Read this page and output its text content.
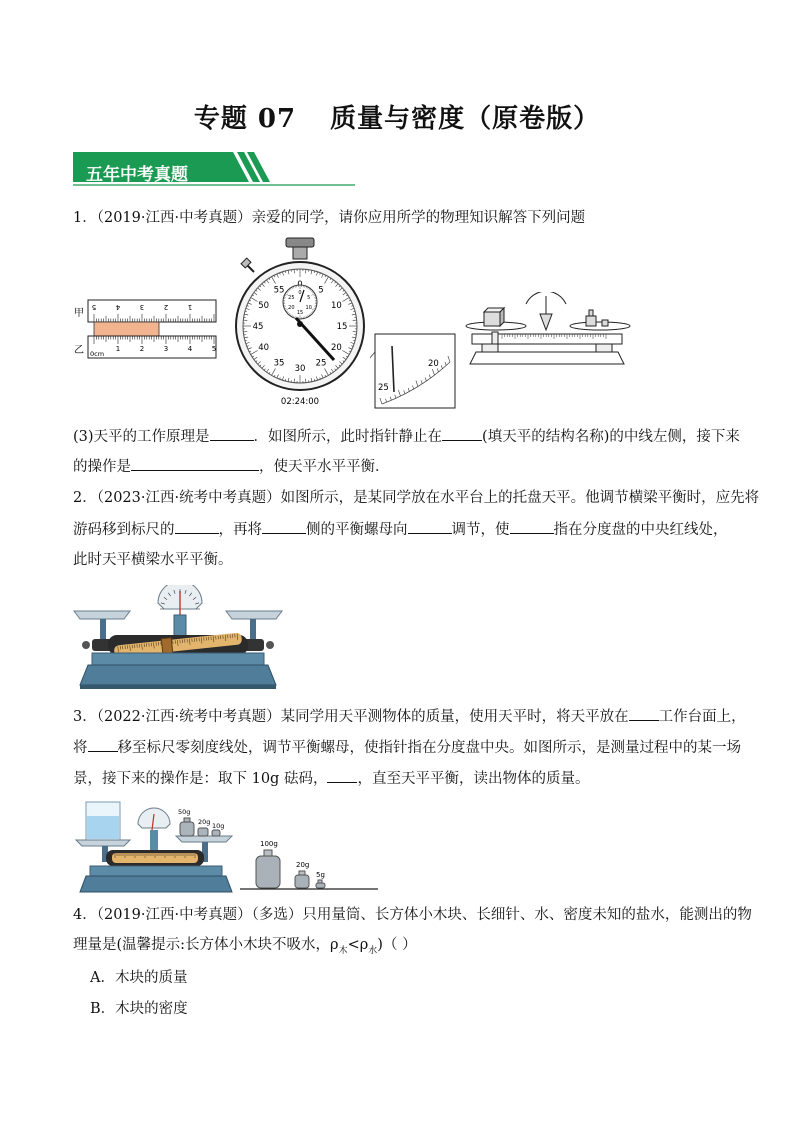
专题 07 质量与密度（原卷版）
五年中考真题
1．（2019·江西·中考真题）亲爱的同学，请你应用所学的物理知识解答下列问题
甲
乙
1
2
3
4
5
1	2	3	4	5
0cm
5
10
15
20
25
30
35
40
45
50
55	0
5
10
15
20
25
02:24:00
20
25
(3)天平的工作原理是	．如图所示，此时指针静止在	(填天平的结构名称)的中线左侧，接下来
的操作是	，使天平水平平衡．
2．（2023·江西·统考中考真题）如图所示，是某同学放在水平台上的托盘天平。他调节横梁平衡时，应先将
游码移到标尺的	，再将	侧的平衡螺母向	调节，使	指在分度盘的中央红线处，
此时天平横梁水平平衡。
3．（2022·江西·统考中考真题）某同学用天平测物体的质量，使用天平时，将天平放在 工作台面上，
将 移至标尺零刻度线处，调节平衡螺母，使指针指在分度盘中央。如图所示，是测量过程中的某一场
景，接下来的操作是：取下 10g 砝码， ，直至天平平衡，读出物体的质量。
50g
20g 10g
100g
20g
5g
4．（2019·江西·中考真题）（多选）只用量筒、长方体小木块、长细针、水、密度未知的盐水，能测出的物
理量是(温馨提示:长方体小木块不吸水，$\rho_木<\rho_水$)（ ）
A．木块的质量
B．木块的密度
